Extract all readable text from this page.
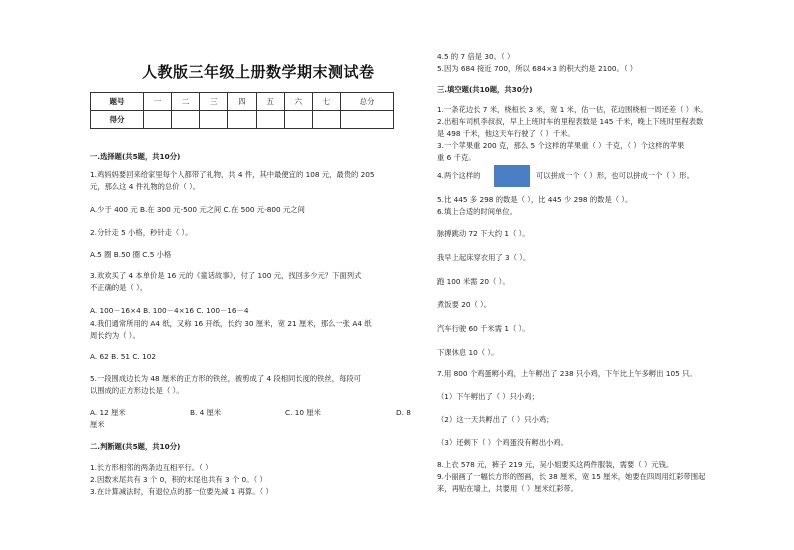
人教版三年级上册数学期末测试卷
题号	一	二	三	四	五	六	七	总分
得分								
一.选择题(共5题，共10分)
1.鸡妈妈要回来给家里每个人都带了礼物，共 4 件，其中最便宜的 108 元，最贵的 205
元，那么这 4 件礼物的总价（ ）。
A.少于 400 元 B.在 300 元-500 元之间 C.在 500 元-800 元之间
2.分针走 5 小格，秒针走（ ）。
A.5 圈 B.50 圈 C.5 小格
3.欢欢买了 4 本单价是 16 元的《童话故事》，付了 100 元，找回多少元？下面列式
不正确的是（ ）。
A. 100－16×4 B. 100－4×16 C. 100－16－4
4.我们通常所用的 A4 纸，又称 16 开纸，长约 30 厘米，宽 21 厘米，那么一张 A4 纸
周长约为（ ）。
A. 62 B. 51 C. 102
5.一段围成边长为 48 厘米的正方形的铁丝，被剪成了 4 段相同长度的铁丝，每段可
以围成的正方形边长是（ ）。
A. 12 厘米	B. 4 厘米	C. 10 厘米	D. 8
厘米
二.判断题(共5题，共10分)
1.长方形相邻的两条边互相平行。（ ）
2.因数末尾共有 3 个 0，积的末尾也共有 3 个 0。（ ）
3.在计算减法时，有退位点的那一位要先减 1 再算。（ ）
4.5 的 7 倍是 30。（ ）
5.因为 684 接近 700，所以 684×3 的积大约是 2100。（ ）
三.填空题(共10题，共30分)
1.一条花边长 7 米，桡桓长 3 米，宽 1 米，估一估，花边围桡桓一周还差（ ）米。
2.出租车司机李叔叔，早上上班时车的里程表数是 145 千米，晚上下班时里程表数
是 498 千米，他这天车行驶了（ ）千米。
3.一个苹果重 200 克，那么 5 个这样的苹果重（ ）千克，（ ）个这样的苹果
重 6 千克。
4.两个这样的	可以拼成一个（ ）形，也可以拼成一个（ ）形。
5.比 445 多 298 的数是（ ），比 445 少 298 的数是（ ）。
6.填上合适的时间单位。
脉搏跳动 72 下大约 1（ ）。
我早上起床穿衣用了 3（ ）。
跑 100 米需 20（ ）。
煮饭要 20（ ）。
汽车行驶 60 千米需 1（ ）。
下课休息 10（ ）。
7.用 800 个鸡蛋孵小鸡，上午孵出了 238 只小鸡，下午比上午多孵出 105 只。
（1）下午孵出了（ ）只小鸡；
（2）这一天共孵出了（ ）只小鸡；
（3）还剩下（ ）个鸡蛋没有孵出小鸡。
8.上衣 578 元，裤子 219 元，吴小姐要买这两件服装，需要（ ）元钱。
9.小丽画了一幅长方形的图画，长 38 厘米，宽 15 厘米，她要在四周用红彩带围起
来，再贴在墙上，共要用（ ）厘米红彩带。
